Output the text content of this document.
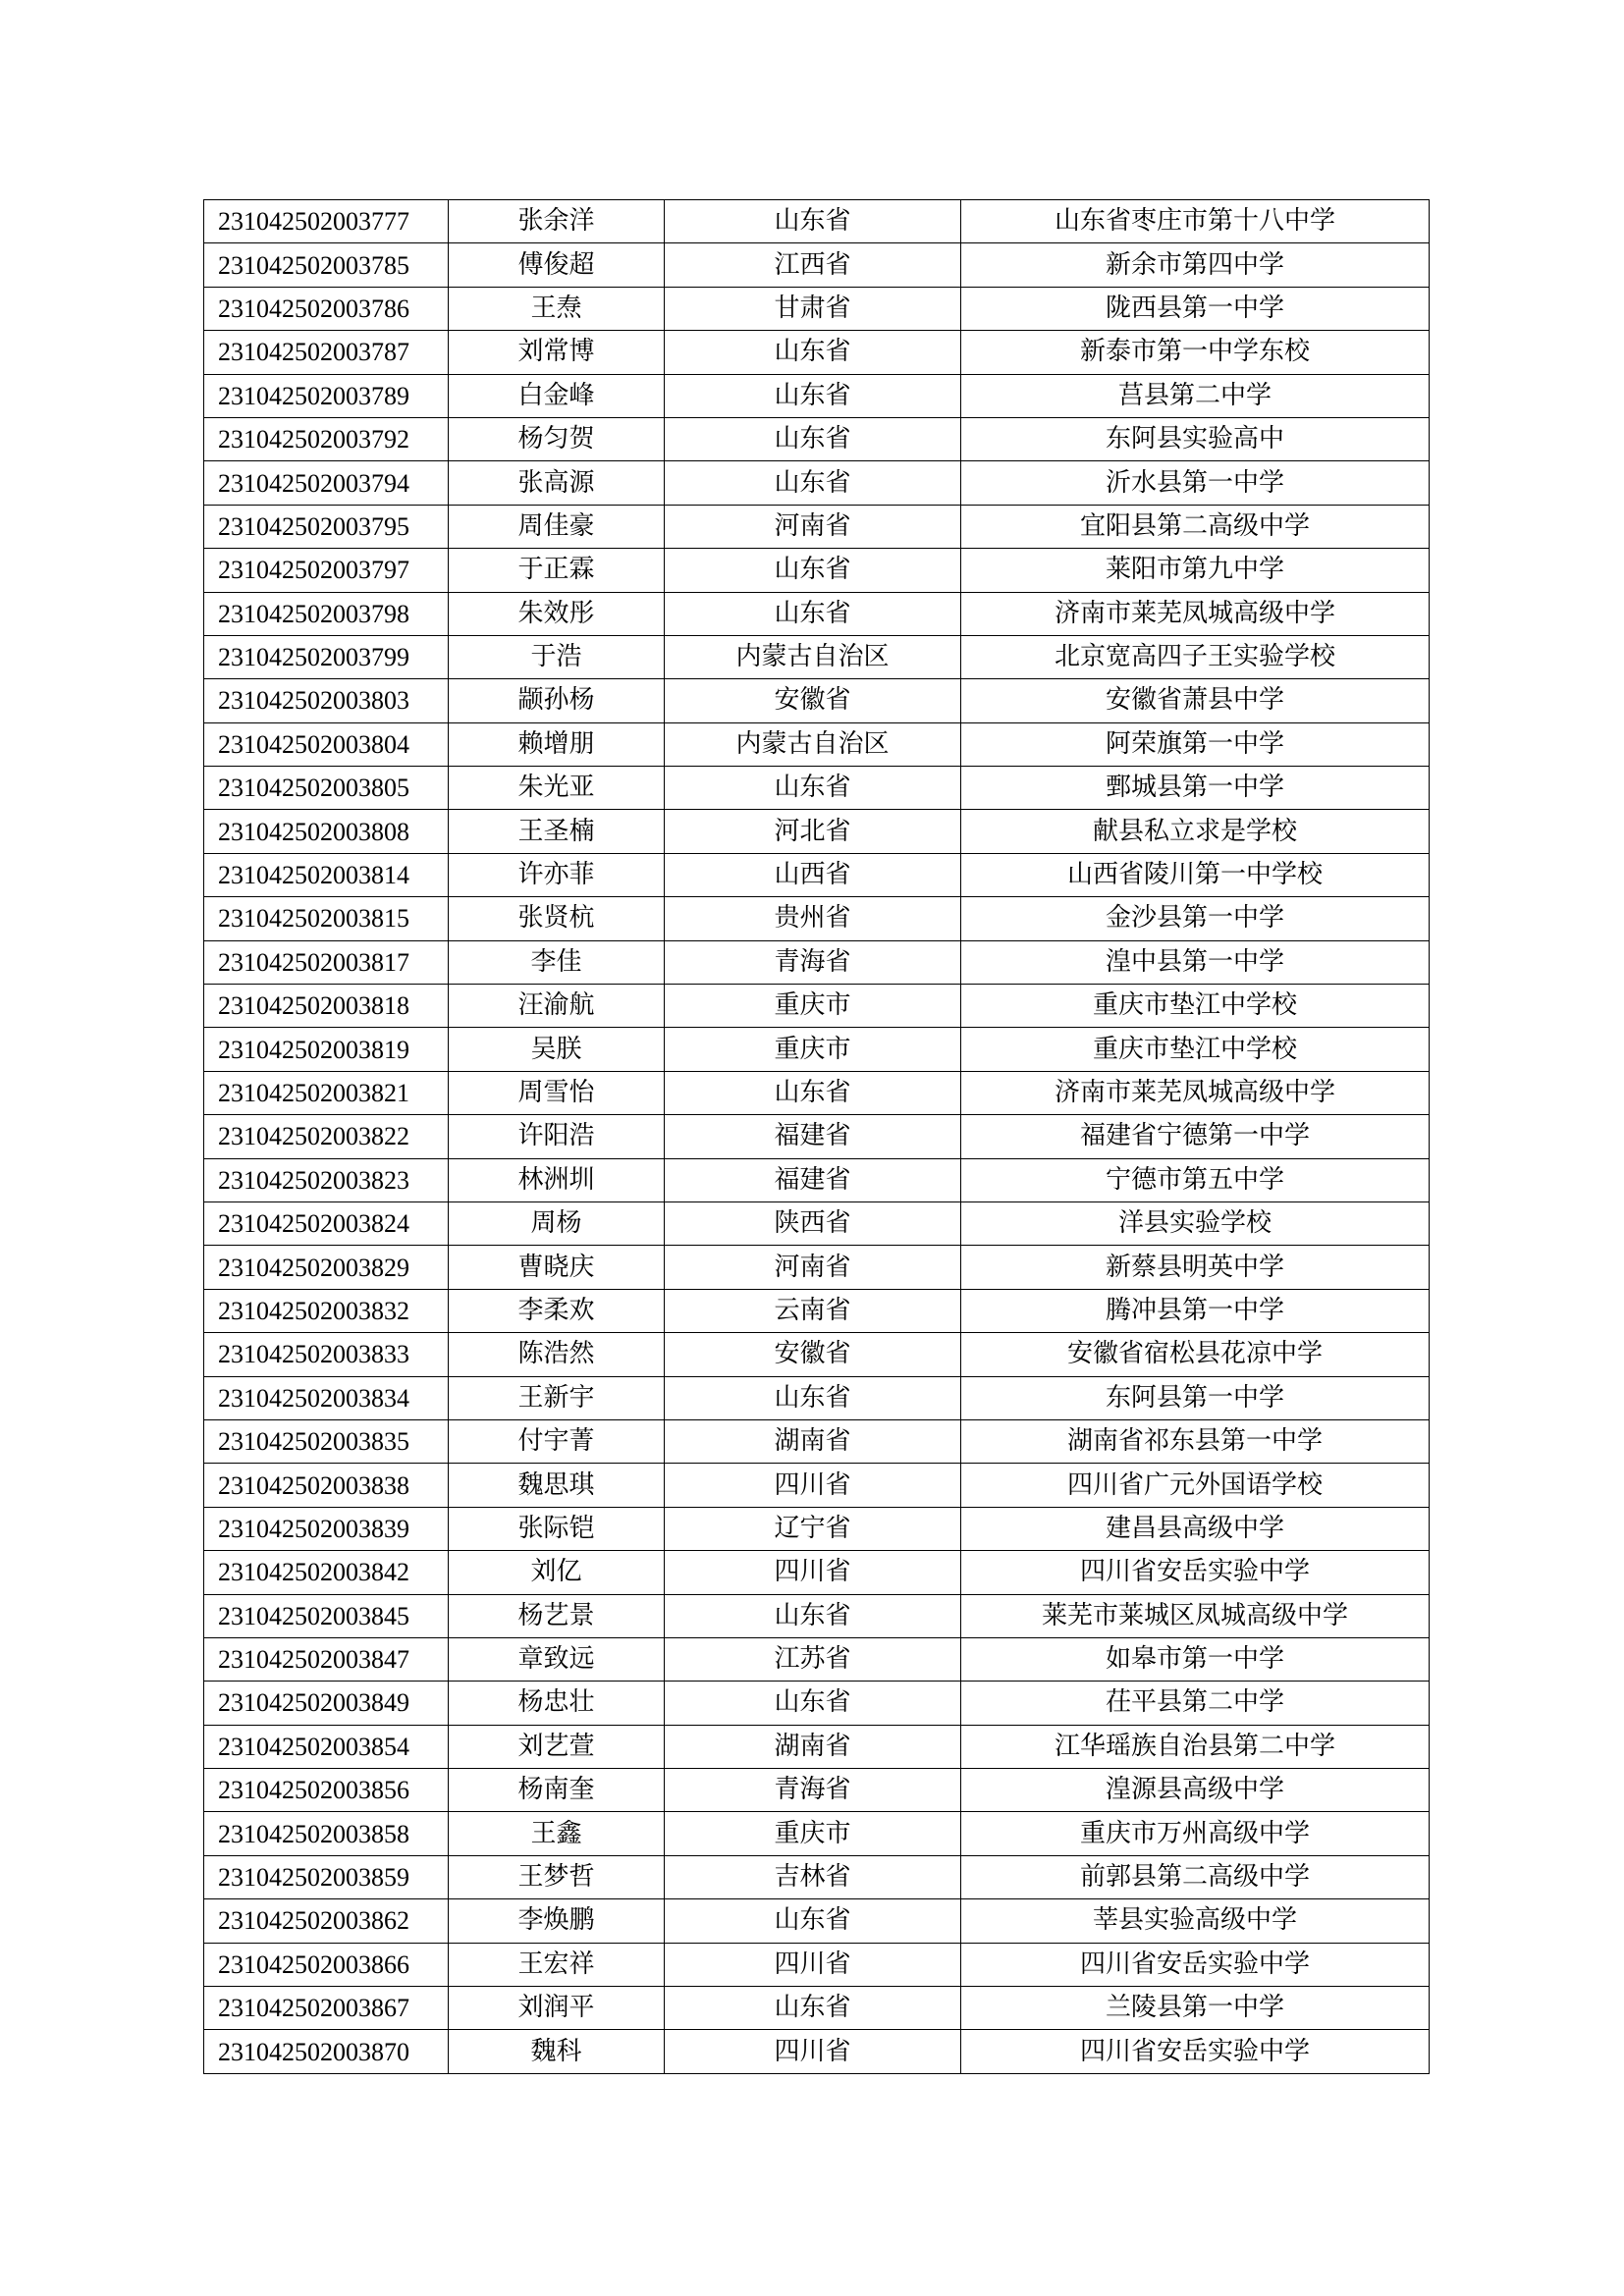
231042502003777	张余洋	山东省	山东省枣庄市第十八中学
231042502003785	傅俊超	江西省	新余市第四中学
231042502003786	王焘	甘肃省	陇西县第一中学
231042502003787	刘常博	山东省	新泰市第一中学东校
231042502003789	白金峰	山东省	莒县第二中学
231042502003792	杨匀贺	山东省	东阿县实验高中
231042502003794	张高源	山东省	沂水县第一中学
231042502003795	周佳豪	河南省	宜阳县第二高级中学
231042502003797	于正霖	山东省	莱阳市第九中学
231042502003798	朱效彤	山东省	济南市莱芜凤城高级中学
231042502003799	于浩	内蒙古自治区	北京宽高四子王实验学校
231042502003803	颛孙杨	安徽省	安徽省萧县中学
231042502003804	赖增朋	内蒙古自治区	阿荣旗第一中学
231042502003805	朱光亚	山东省	鄄城县第一中学
231042502003808	王圣楠	河北省	献县私立求是学校
231042502003814	许亦菲	山西省	山西省陵川第一中学校
231042502003815	张贤杭	贵州省	金沙县第一中学
231042502003817	李佳	青海省	湟中县第一中学
231042502003818	汪渝航	重庆市	重庆市垫江中学校
231042502003819	吴朕	重庆市	重庆市垫江中学校
231042502003821	周雪怡	山东省	济南市莱芜凤城高级中学
231042502003822	许阳浩	福建省	福建省宁德第一中学
231042502003823	林洲圳	福建省	宁德市第五中学
231042502003824	周杨	陕西省	洋县实验学校
231042502003829	曹晓庆	河南省	新蔡县明英中学
231042502003832	李柔欢	云南省	腾冲县第一中学
231042502003833	陈浩然	安徽省	安徽省宿松县花凉中学
231042502003834	王新宇	山东省	东阿县第一中学
231042502003835	付宇菁	湖南省	湖南省祁东县第一中学
231042502003838	魏思琪	四川省	四川省广元外国语学校
231042502003839	张际铠	辽宁省	建昌县高级中学
231042502003842	刘亿	四川省	四川省安岳实验中学
231042502003845	杨艺景	山东省	莱芜市莱城区凤城高级中学
231042502003847	章致远	江苏省	如皋市第一中学
231042502003849	杨忠壮	山东省	茌平县第二中学
231042502003854	刘艺萱	湖南省	江华瑶族自治县第二中学
231042502003856	杨南奎	青海省	湟源县高级中学
231042502003858	王鑫	重庆市	重庆市万州高级中学
231042502003859	王梦哲	吉林省	前郭县第二高级中学
231042502003862	李焕鹏	山东省	莘县实验高级中学
231042502003866	王宏祥	四川省	四川省安岳实验中学
231042502003867	刘润平	山东省	兰陵县第一中学
231042502003870	魏科	四川省	四川省安岳实验中学
